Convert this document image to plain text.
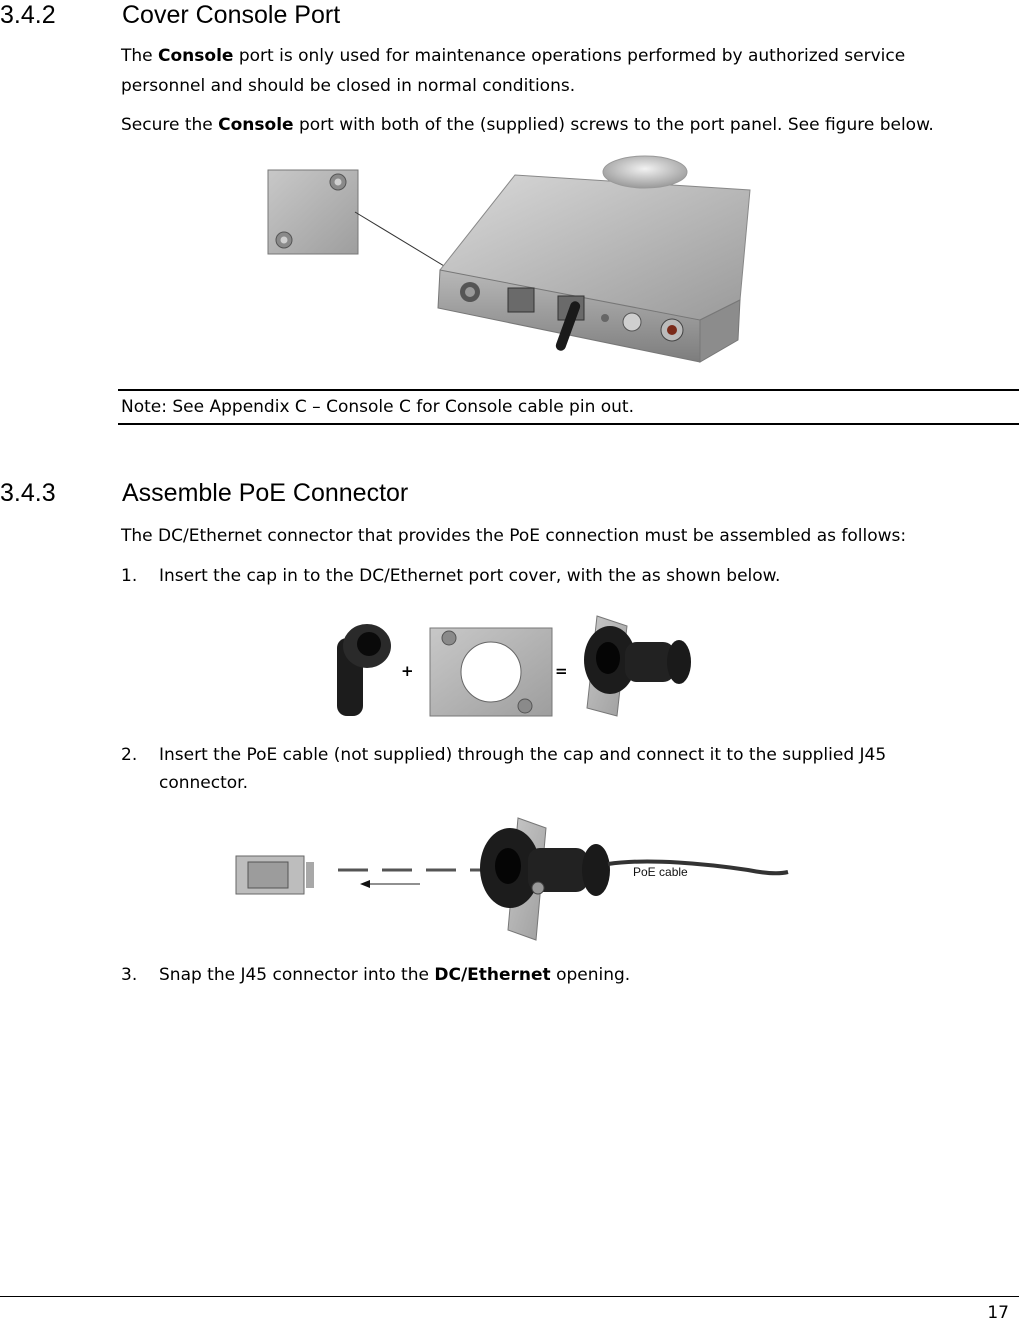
3.4.2	Cover Console Port
The Console port is only used for maintenance operations performed by authorized service
personnel and should be closed in normal conditions.
Secure the Console port with both of the (supplied) screws to the port panel. See figure below.
Note: See Appendix C – Console C for Console cable pin out.
3.4.3	Assemble PoE Connector
The DC/Ethernet connector that provides the PoE connection must be assembled as follows:
1. Insert the cap in to the DC/Ethernet port cover, with the as shown below.
+	=
2. Insert the PoE cable (not supplied) through the cap and connect it to the supplied J45
connector.
PoE cable
3. Snap the J45 connector into the DC/Ethernet opening.
17
